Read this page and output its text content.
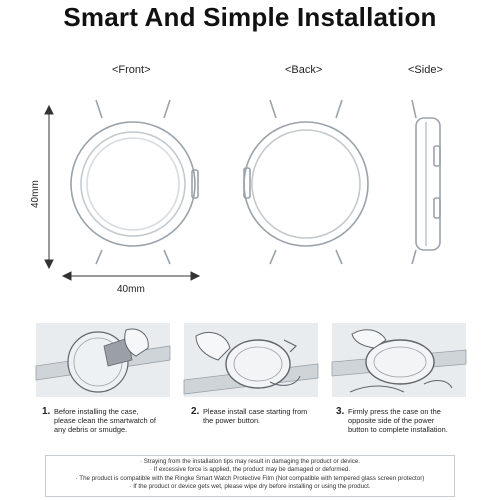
Smart And Simple Installation
<Front>	<Back>	<Side>
40mm
40mm
1. Before installing the case,
please clean the smartwatch of
any debris or smudge.
2. Please install case starting from
the power button.
3. Firmly press the case on the
opposite side of the power
button to complete installation.
· Straying from the installation tips may result in damaging the product or device.
· If excessive force is applied, the product may be damaged or deformed.
· The product is compatible with the Ringke Smart Watch Protective Film (Not compatible with tempered glass screen protector)
· If the product or device gets wet, please wipe dry before installing or using the product.
